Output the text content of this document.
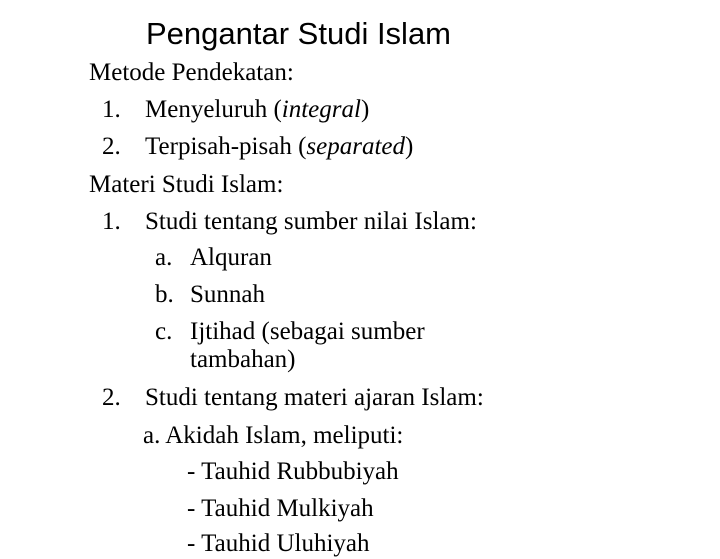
Pengantar Studi Islam
Metode Pendekatan:
1. Menyeluruh (integral)
2. Terpisah-pisah (separated)
Materi Studi Islam:
1. Studi tentang sumber nilai Islam:
a. Alquran
b. Sunnah
c. Ijtihad (sebagai sumber
tambahan)
2. Studi tentang materi ajaran Islam:
a. Akidah Islam, meliputi:
- Tauhid Rubbubiyah
- Tauhid Mulkiyah
- Tauhid Uluhiyah
